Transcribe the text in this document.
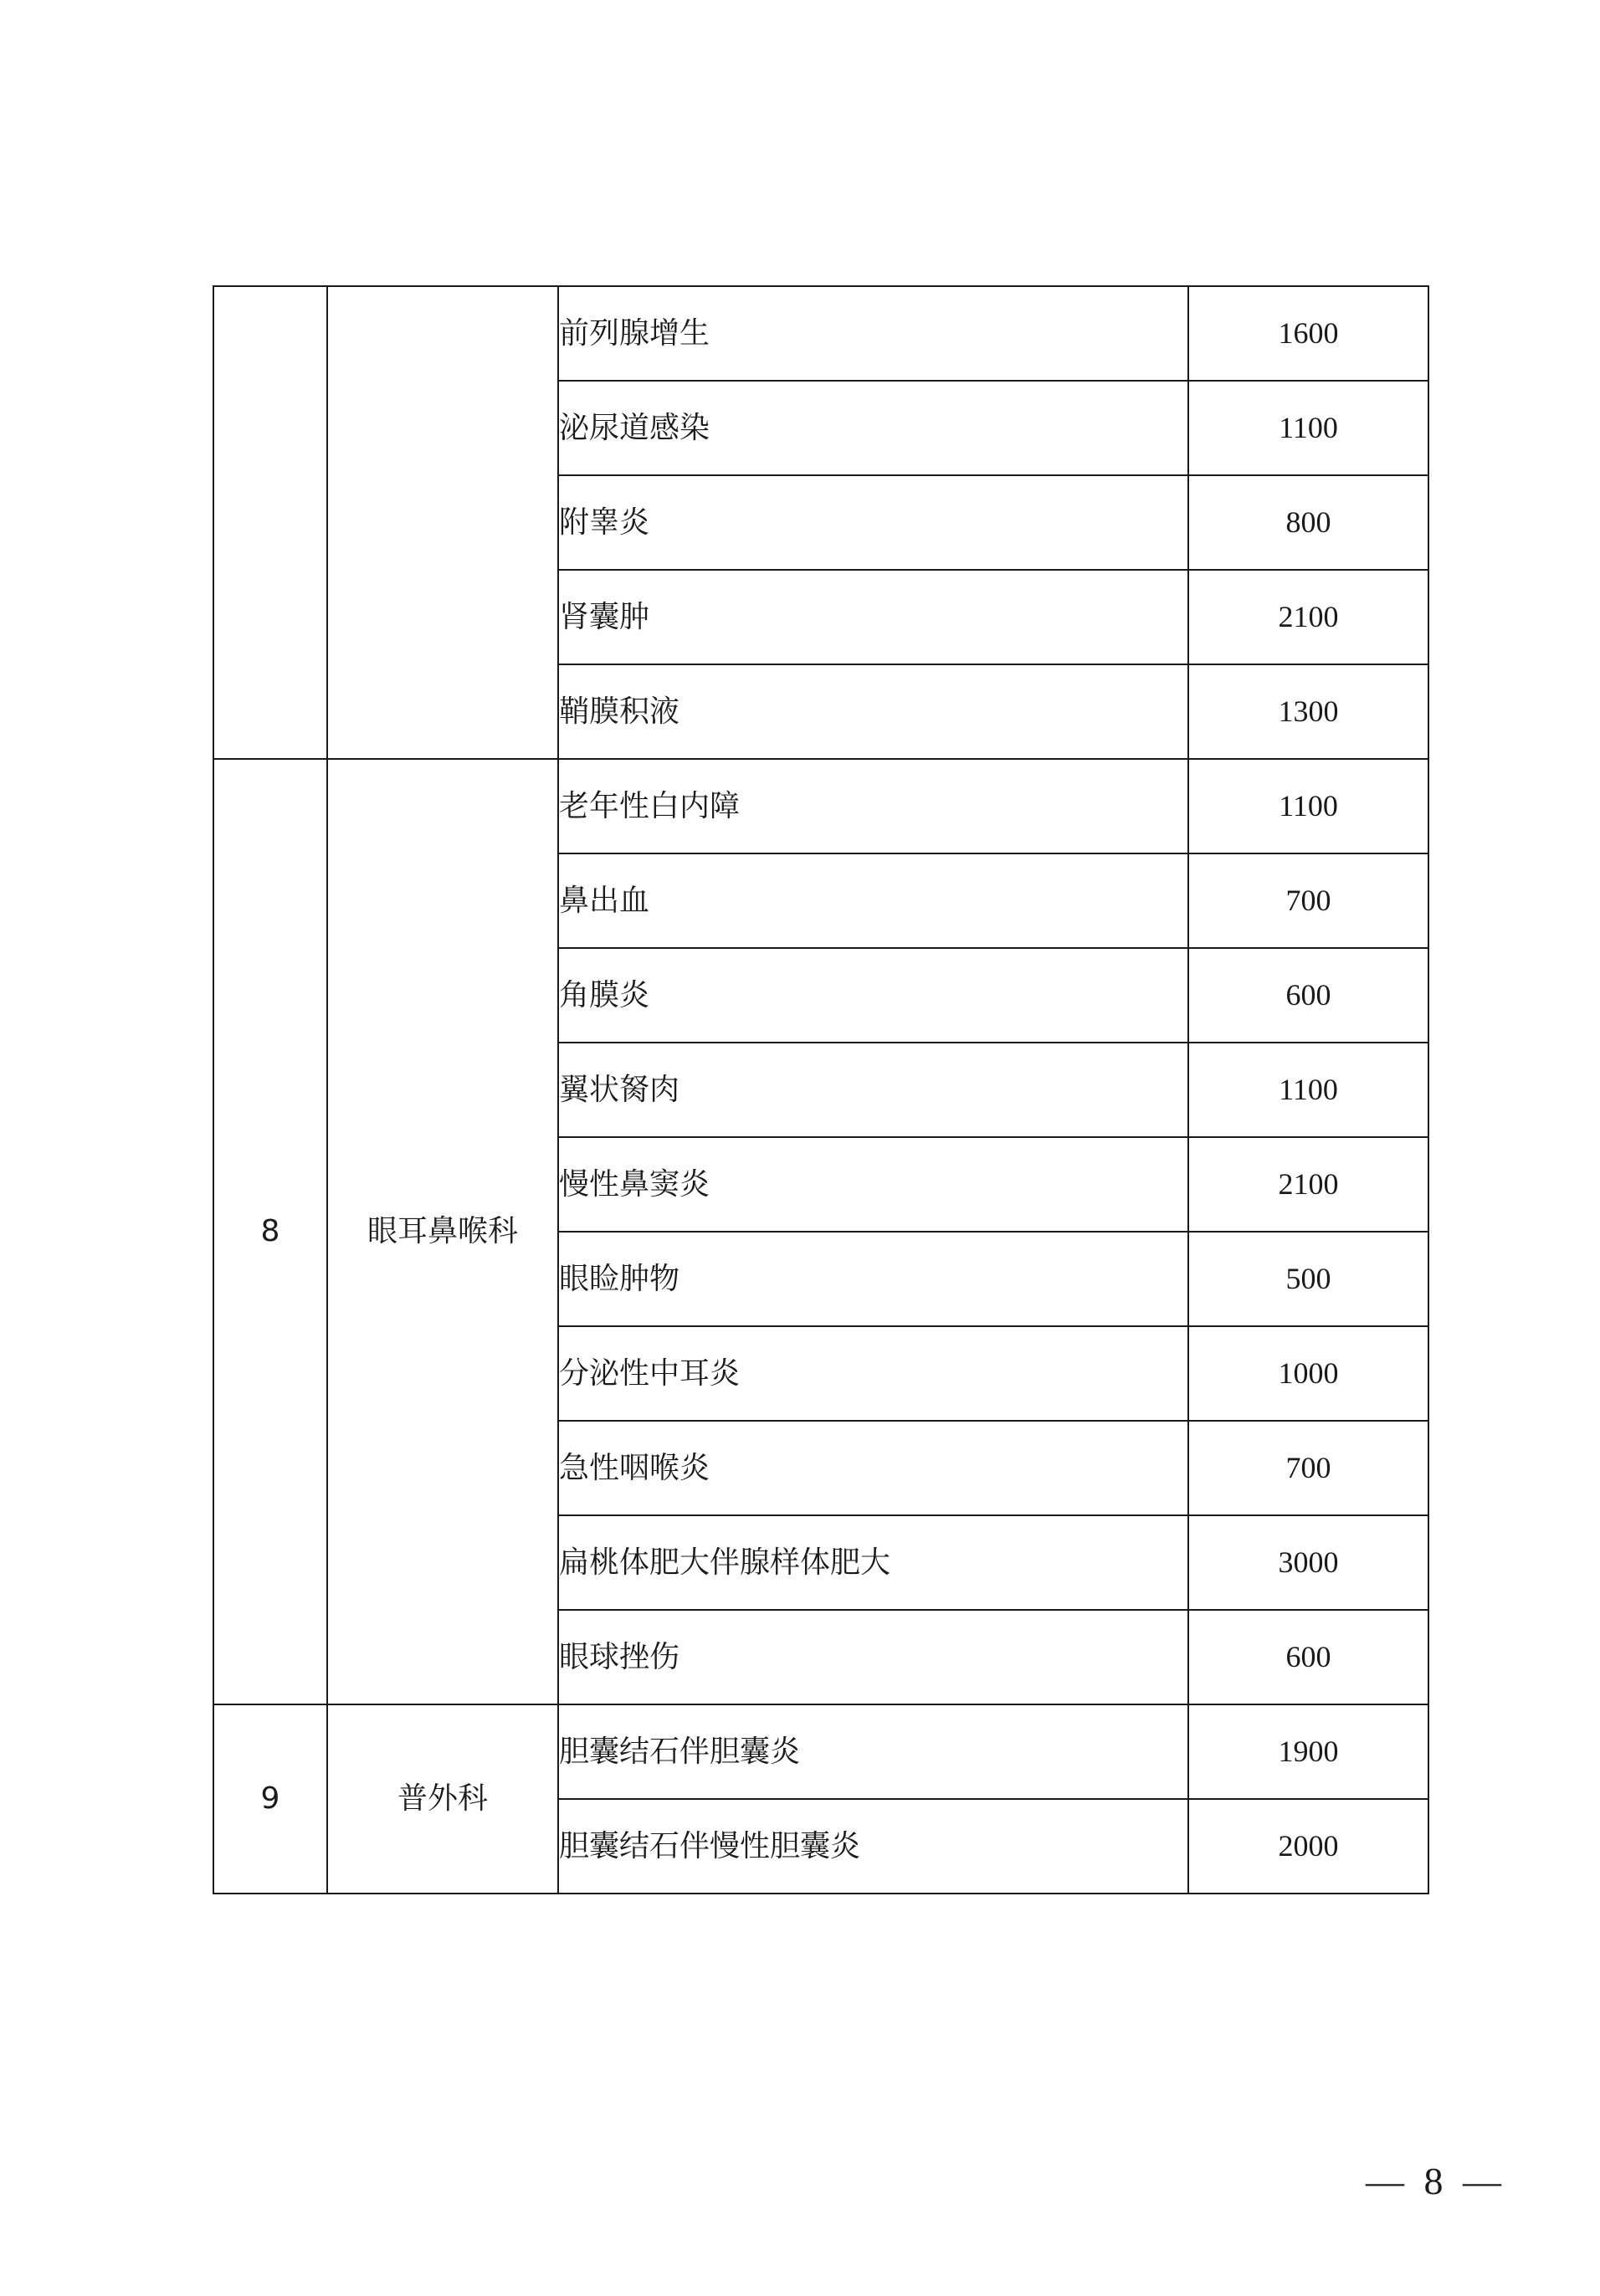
		前列腺增生	1600
		泌尿道感染	1100
		附睾炎	800
		肾囊肿	2100
		鞘膜积液	1300
8	眼耳鼻喉科	老年性白内障	1100
		鼻出血	700
		角膜炎	600
		翼状胬肉	1100
		慢性鼻窦炎	2100
		眼睑肿物	500
		分泌性中耳炎	1000
		急性咽喉炎	700
		扁桃体肥大伴腺样体肥大	3000
		眼球挫伤	600
9	普外科	胆囊结石伴胆囊炎	1900
		胆囊结石伴慢性胆囊炎	2000
— 8 —
